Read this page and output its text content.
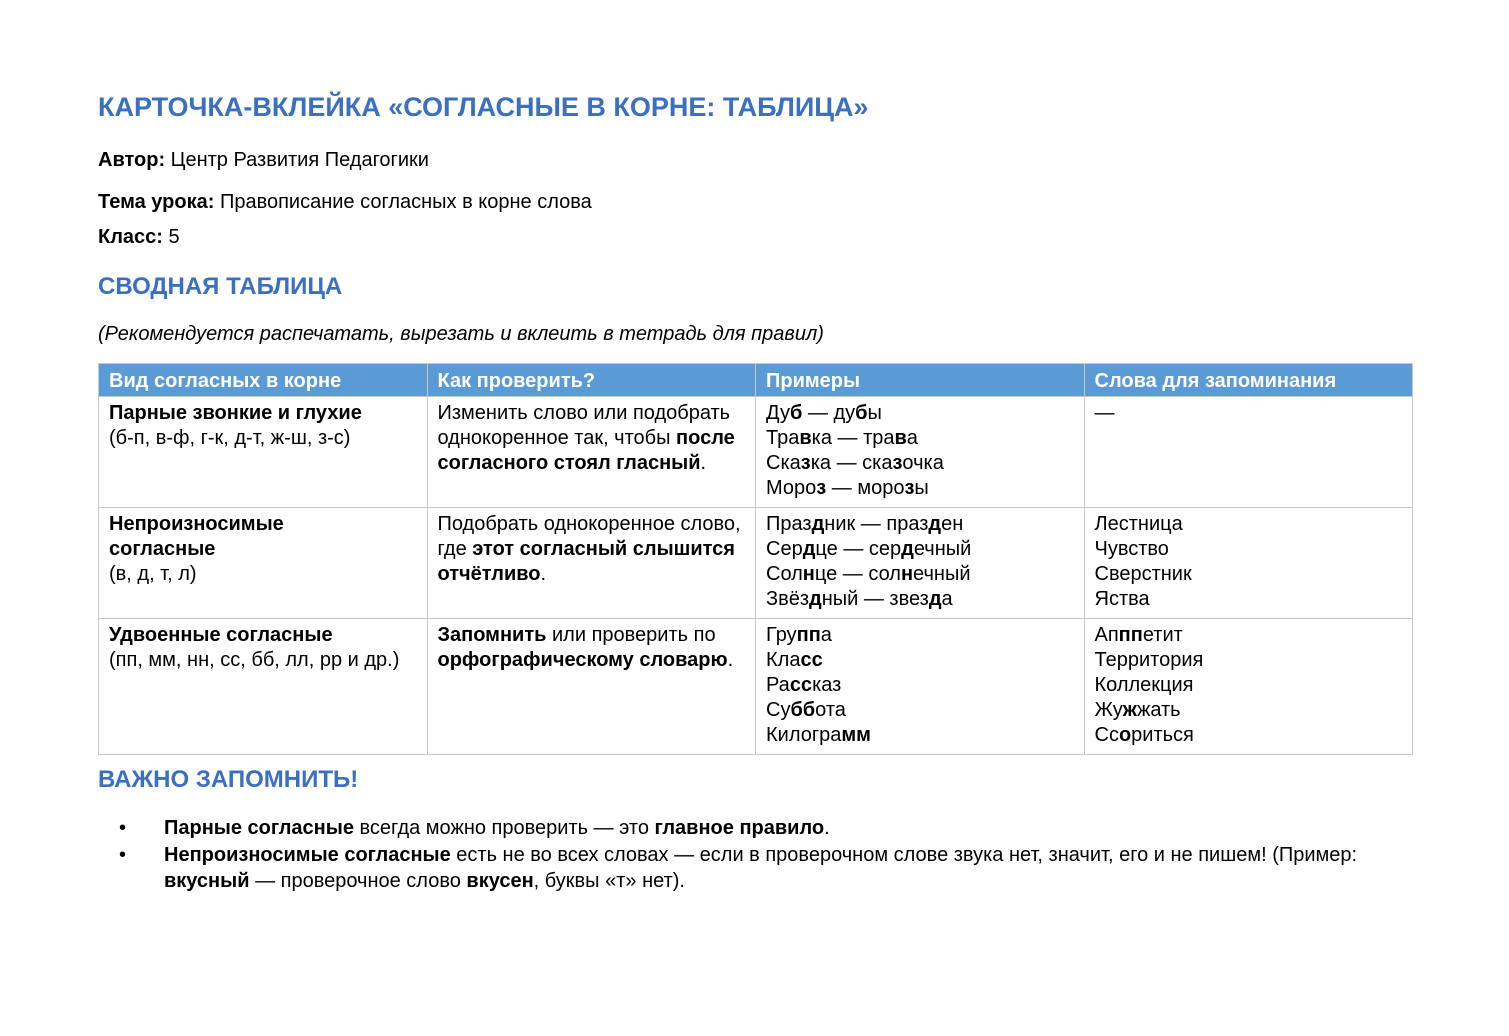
КАРТОЧКА-ВКЛЕЙКА «СОГЛАСНЫЕ В КОРНЕ: ТАБЛИЦА»
Автор: Центр Развития Педагогики
Тема урока: Правописание согласных в корне слова
Класс: 5
СВОДНАЯ ТАБЛИЦА
(Рекомендуется распечатать, вырезать и вклеить в тетрадь для правил)
Вид согласных в корне	Как проверить?	Примеры	Слова для запоминания

Парные звонкие и глухие
(б-п, в-ф, г-к, д-т, ж-ш, з-с)	Изменить слово или подобрать однокоренное так, чтобы после согласного стоял гласный.	Дуб — дубы
Травка — трава
Сказка — сказочка
Мороз — морозы	—

Непроизносимые
согласные
(в, д, т, л)	Подобрать однокоренное слово, где этот согласный слышится отчётливо.	Праздник — празден
Сердце — сердечный
Солнце — солнечный
Звёздный — звезда	Лестница
Чувство
Сверстник
Яства

Удвоенные согласные
(пп, мм, нн, сс, бб, лл, рр и др.)	Запомнить или проверить по орфографическому словарю.	Группа
Класс
Рассказ
Суббота
Килограмм	Апппетит
Территория
Коллекция
Жужжать
Ссориться
ВАЖНО ЗАПОМНИТЬ!
• Парные согласные всегда можно проверить — это главное правило.
• Непроизносимые согласные есть не во всех словах — если в проверочном слове звука нет, значит, его и не пишем! (Пример: вкусный — проверочное слово вкусен, буквы «т» нет).
